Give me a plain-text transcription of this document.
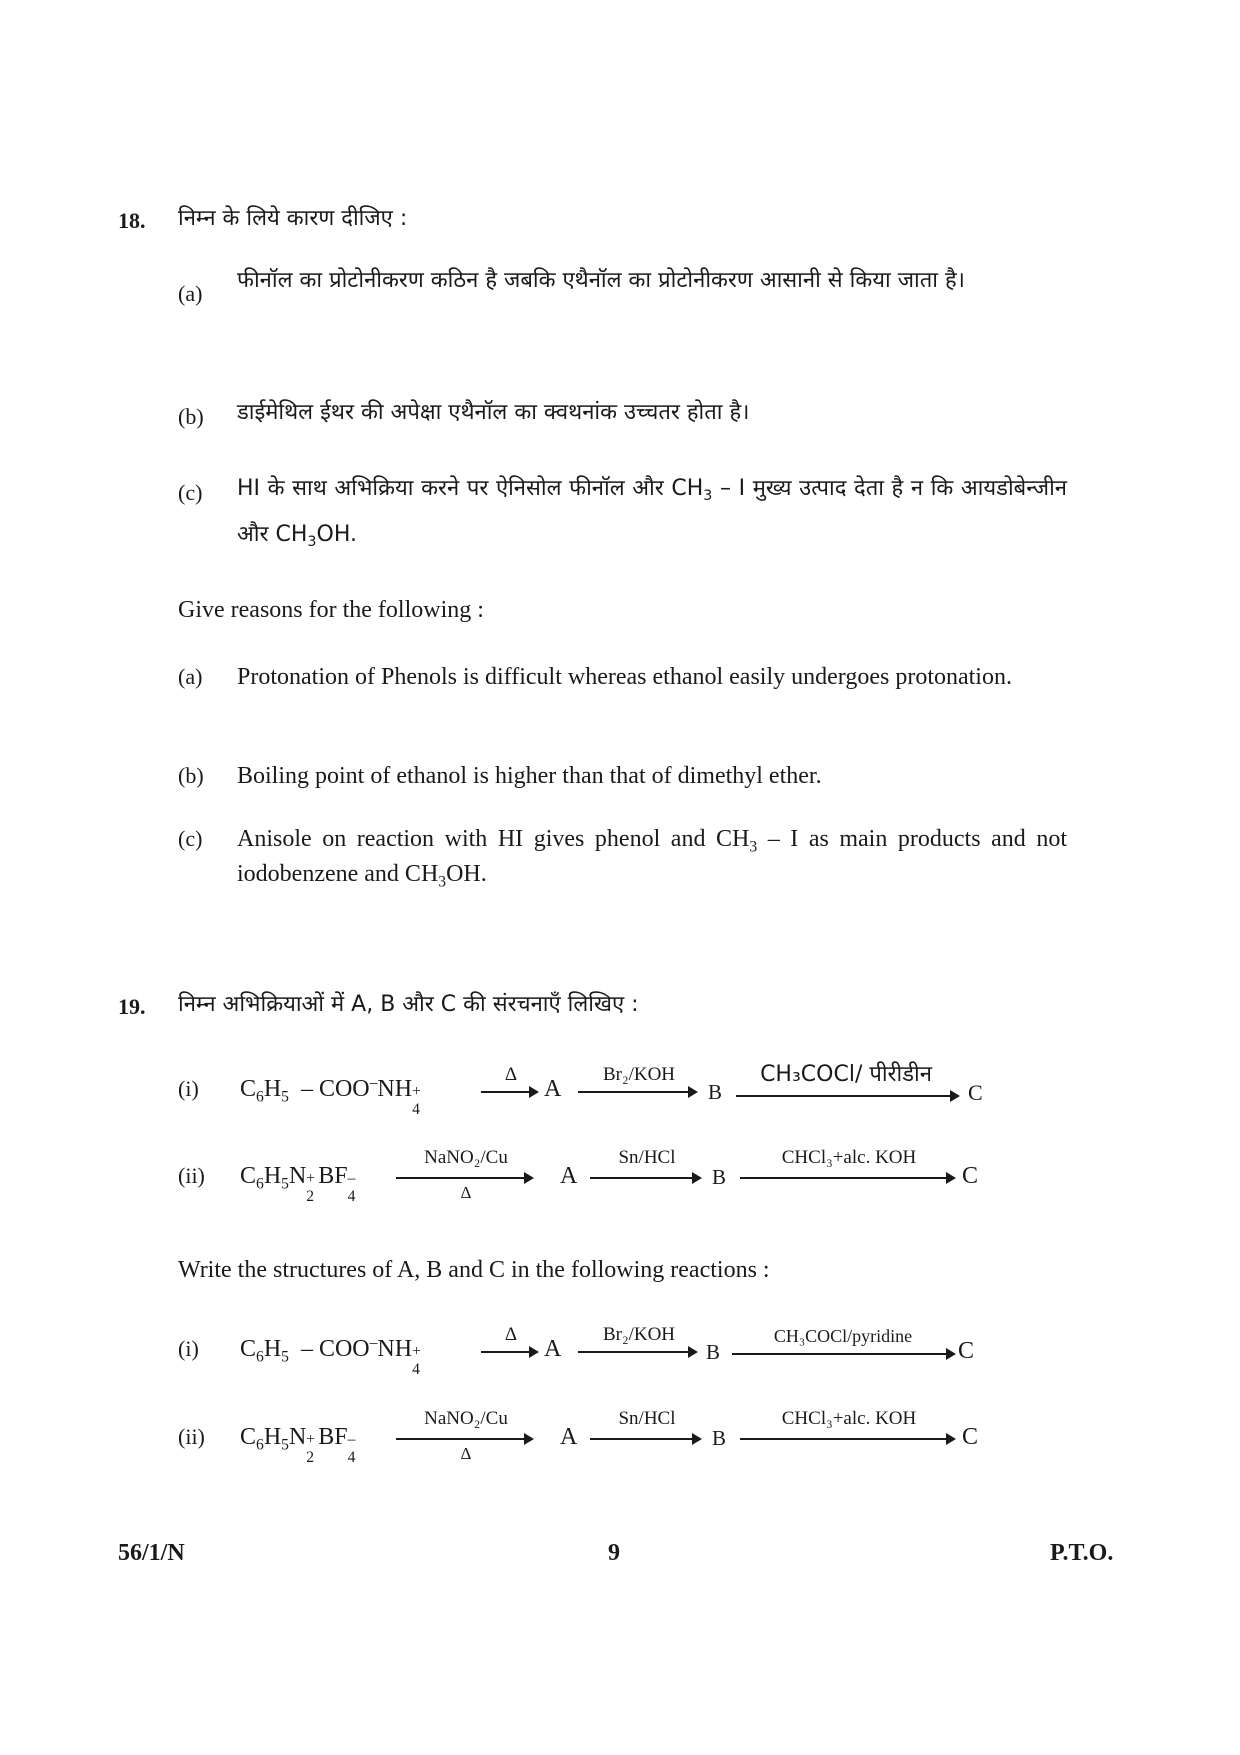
18. निम्न के लिये कारण दीजिए :
(a)
फीनॉल का प्रोटोनीकरण कठिन है जबकि एथैनॉल का प्रोटोनीकरण आसानी से किया जाता है।
(b) डाईमेथिल ईथर की अपेक्षा एथैनॉल का क्वथनांक उच्चतर होता है।
(c) HI के साथ अभिक्रिया करने पर ऐनिसोल फीनॉल और $CH_3$ – I मुख्य उत्पाद देता है न कि आयडोबेन्जीन और $CH_3OH$.
Give reasons for the following :
(a) Protonation of Phenols is difficult whereas ethanol easily undergoes protonation.
(b) Boiling point of ethanol is higher than that of dimethyl ether.
(c) Anisole on reaction with HI gives phenol and $CH_3$ – I as main products and not iodobenzene and $CH_3OH$.
19. निम्न अभिक्रियाओं में A, B और C की संरचनाएँ लिखिए :
(i) $C_6H_5 - COO^-NH$ +
4
Δ
→ A
Br₂/KOH
B
CH₃COCl/ पीरीडीन
C
(ii) $C_6H_5N$ +
2
BF –
4
NaNO₂/Cu
Δ
A
Sn/HCl
B
CHCl₃+alc. KOH
C
Write the structures of A, B and C in the following reactions :
(i) $C_6H_5 - COO^-NH$ +
4
Δ
→ A
Br₂/KOH
B
CH₃COCl/pyridine
C
(ii) $C_6H_5N$ +
2
BF –
4
NaNO₂/Cu
Δ
A
Sn/HCl
B
CHCl₃+alc. KOH
C
56/1/N	9	P.T.O.
